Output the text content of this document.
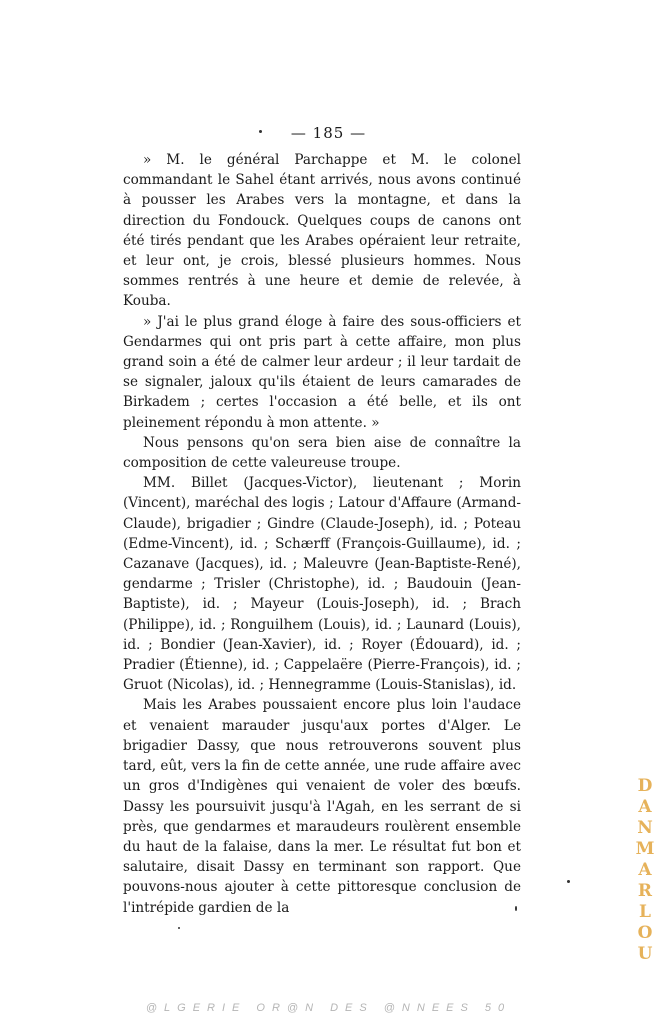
— 185 —

» M. le général Parchappe et M. le colonel commandant le Sahel étant arrivés, nous avons continué à pousser les Arabes vers la montagne, et dans la direction du Fondouck. Quelques coups de canons ont été tirés pendant que les Arabes opéraient leur retraite, et leur ont, je crois, blessé plusieurs hommes. Nous sommes rentrés à une heure et demie de relevée, à Kouba.

» J'ai le plus grand éloge à faire des sous-officiers et Gendarmes qui ont pris part à cette affaire, mon plus grand soin a été de calmer leur ardeur ; il leur tardait de se signaler, jaloux qu'ils étaient de leurs camarades de Birkadem ; certes l'occasion a été belle, et ils ont pleinement répondu à mon attente. »

Nous pensons qu'on sera bien aise de connaître la composition de cette valeureuse troupe.

MM. Billet (Jacques-Victor), lieutenant ; Morin (Vincent), maréchal des logis ; Latour d'Affaure (Armand-Claude), brigadier ; Gindre (Claude-Joseph), id. ; Poteau (Edme-Vincent), id. ; Schærff (François-Guillaume), id. ; Cazanave (Jacques), id. ; Maleuvre (Jean-Baptiste-René), gendarme ; Trisler (Christophe), id. ; Baudouin (Jean-Baptiste), id. ; Mayeur (Louis-Joseph), id. ; Brach (Philippe), id. ; Ronguilhem (Louis), id. ; Launard (Louis), id. ; Bondier (Jean-Xavier), id. ; Royer (Édouard), id. ; Pradier (Étienne), id. ; Cappelaëre (Pierre-François), id. ; Gruot (Nicolas), id. ; Hennegramme (Louis-Stanislas), id.

Mais les Arabes poussaient encore plus loin l'audace et venaient marauder jusqu'aux portes d'Alger. Le brigadier Dassy, que nous retrouverons souvent plus tard, eût, vers la fin de cette année, une rude affaire avec un gros d'Indigènes qui venaient de voler des bœufs. Dassy les poursuivit jusqu'à l'Agah, en les serrant de si près, que gendarmes et maraudeurs roulèrent ensemble du haut de la falaise, dans la mer. Le résultat fut bon et salutaire, disait Dassy en terminant son rapport. Que pouvons-nous ajouter à cette pittoresque conclusion de l'intrépide gardien de la	DANMARLOU
@LGERIE OR@N DES @NNEES 50
